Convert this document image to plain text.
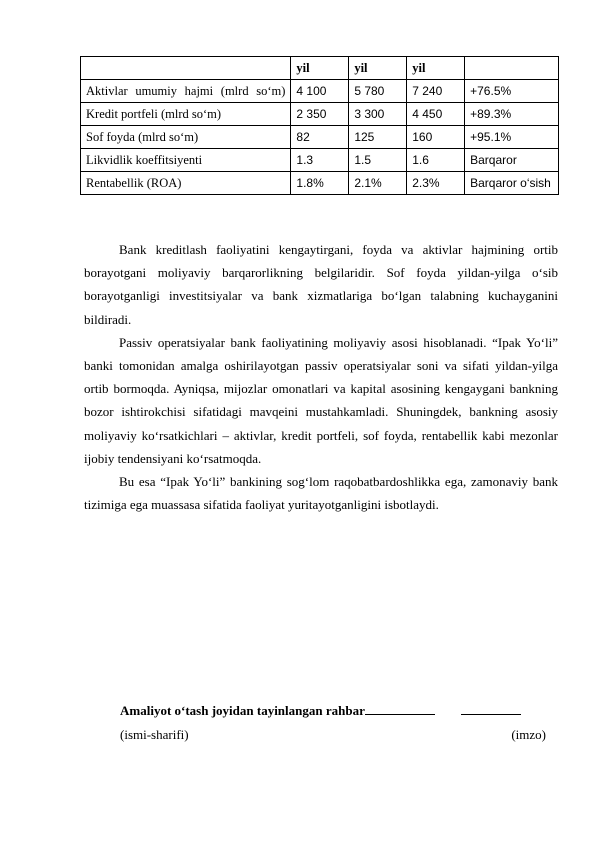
	yil	yil	yil	
Aktivlar umumiy hajmi (mlrd so‘m)	4 100	5 780	7 240	+76.5%
Kredit portfeli (mlrd so‘m)	2 350	3 300	4 450	+89.3%
Sof foyda (mlrd so‘m)	82	125	160	+95.1%
Likvidlik koeffitsiyenti	1.3	1.5	1.6	Barqaror
Rentabellik (ROA)	1.8%	2.1%	2.3%	Barqaror o‘sish

Bank kreditlash faoliyatini kengaytirgani, foyda va aktivlar hajmining ortib borayotgani moliyaviy barqarorlikning belgilaridir. Sof foyda yildan-yilga o‘sib borayotganligi investitsiyalar va bank xizmatlariga bo‘lgan talabning kuchayganini bildiradi.

Passiv operatsiyalar bank faoliyatining moliyaviy asosi hisoblanadi. “Ipak Yo‘li” banki tomonidan amalga oshirilayotgan passiv operatsiyalar soni va sifati yildan-yilga ortib bormoqda. Ayniqsa, mijozlar omonatlari va kapital asosining kengaygani bankning bozor ishtirokchisi sifatidagi mavqeini mustahkamladi. Shuningdek, bankning asosiy moliyaviy ko‘rsatkichlari – aktivlar, kredit portfeli, sof foyda, rentabellik kabi mezonlar ijobiy tendensiyani ko‘rsatmoqda.

Bu esa “Ipak Yo‘li” bankining sog‘lom raqobatbardoshlikka ega, zamonaviy bank tizimiga ega muassasa sifatida faoliyat yuritayotganligini isbotlaydi.

Amaliyot o‘tash joyidan tayinlangan rahbar
(ismi-sharifi)	(imzo)
